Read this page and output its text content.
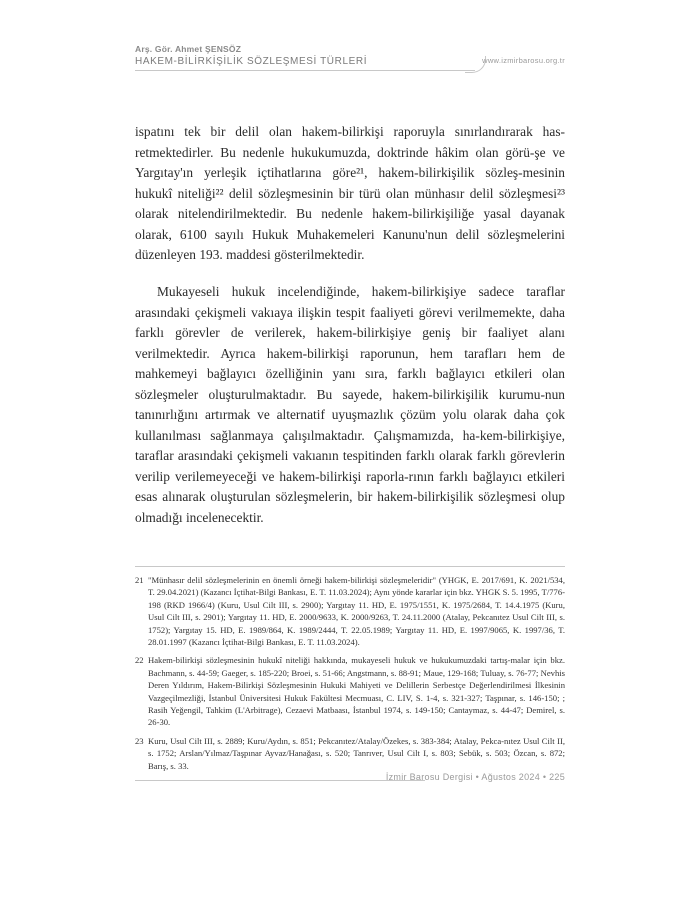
Arş. Gör. Ahmet ŞENSÖZ
HAKEM-BİLİRKİŞİLİK SÖZLEŞMESİ TÜRLERİ	www.izmirbarosu.org.tr

ispatını tek bir delil olan hakem-bilirkişi raporuyla sınırlandırarak has-retmektedirler. Bu nedenle hukukumuzda, doktrinde hâkim olan görü-şe ve Yargıtay'ın yerleşik içtihatlarına göre²¹, hakem-bilirkişilik sözleş-mesinin hukukî niteliği²² delil sözleşmesinin bir türü olan münhasır delil sözleşmesi²³ olarak nitelendirilmektedir. Bu nedenle hakem-bilirkişiliğe yasal dayanak olarak, 6100 sayılı Hukuk Muhakemeleri Kanunu'nun delil sözleşmelerini düzenleyen 193. maddesi gösterilmektedir.

Mukayeseli hukuk incelendiğinde, hakem-bilirkişiye sadece taraflar arasındaki çekişmeli vakıaya ilişkin tespit faaliyeti görevi verilmemekte, daha farklı görevler de verilerek, hakem-bilirkişiye geniş bir faaliyet alanı verilmektedir. Ayrıca hakem-bilirkişi raporunun, hem tarafları hem de mahkemeyi bağlayıcı özelliğinin yanı sıra, farklı bağlayıcı etkileri olan sözleşmeler oluşturulmaktadır. Bu sayede, hakem-bilirkişilik kurumu-nun tanınırlığını artırmak ve alternatif uyuşmazlık çözüm yolu olarak daha çok kullanılması sağlanmaya çalışılmaktadır. Çalışmamızda, ha-kem-bilirkişiye, taraflar arasındaki çekişmeli vakıanın tespitinden farklı olarak farklı görevlerin verilip verilemeyeceği ve hakem-bilirkişi raporla-rının farklı bağlayıcı etkileri esas alınarak oluşturulan sözleşmelerin, bir hakem-bilirkişilik sözleşmesi olup olmadığı incelenecektir.

21 "Münhasır delil sözleşmelerinin en önemli örneği hakem-bilirkişi sözleşmeleridir" (YHGK, E. 2017/691, K. 2021/534, T. 29.04.2021) (Kazancı İçtihat-Bilgi Bankası, E. T. 11.03.2024); Aynı yönde kararlar için bkz. YHGK S. 5. 1995, T/776-198 (RKD 1966/4) (Kuru, Usul Cilt III, s. 2900); Yargıtay 11. HD, E. 1975/1551, K. 1975/2684, T. 14.4.1975 (Kuru, Usul Cilt III, s. 2901); Yargıtay 11. HD, E. 2000/9633, K. 2000/9263, T. 24.11.2000 (Atalay, Pekcanıtez Usul Cilt III, s. 1752); Yargıtay 15. HD, E. 1989/864, K. 1989/2444, T. 22.05.1989; Yargıtay 11. HD, E. 1997/9065, K. 1997/36, T. 28.01.1997 (Kazancı İçtihat-Bilgi Bankası, E. T. 11.03.2024).

22 Hakem-bilirkişi sözleşmesinin hukukî niteliği hakkında, mukayeseli hukuk ve hukukumuzdaki tartış-malar için bkz. Bachmann, s. 44-59; Gaeger, s. 185-220; Broei, s. 51-66; Angstmann, s. 88-91; Maue, 129-168; Tuluay, s. 76-77; Nevhis Deren Yıldırım, Hakem-Bilirkişi Sözleşmesinin Hukuki Mahiyeti ve Delillerin Serbestçe Değerlendirilmesi İlkesinin Vazgeçilmezliği, İstanbul Üniversitesi Hukuk Fakültesi Mecmuası, C. LIV, S. 1-4, s. 321-327; Taşpınar, s. 146-150; ; Rasih Yeğengil, Tahkim (L'Arbitrage), Cezaevi Matbaası, İstanbul 1974, s. 149-150; Cantaymaz, s. 44-47; Demirel, s. 26-30.

23 Kuru, Usul Cilt III, s. 2889; Kuru/Aydın, s. 851; Pekcanıtez/Atalay/Özekes, s. 383-384; Atalay, Pekca-nıtez Usul Cilt II, s. 1752; Arslan/Yılmaz/Taşpınar Ayvaz/Hanağası, s. 520; Tanrıver, Usul Cilt I, s. 803; Sebük, s. 503; Özcan, s. 872; Barış, s. 33.

İzmir Barosu Dergisi • Ağustos 2024 • 225
